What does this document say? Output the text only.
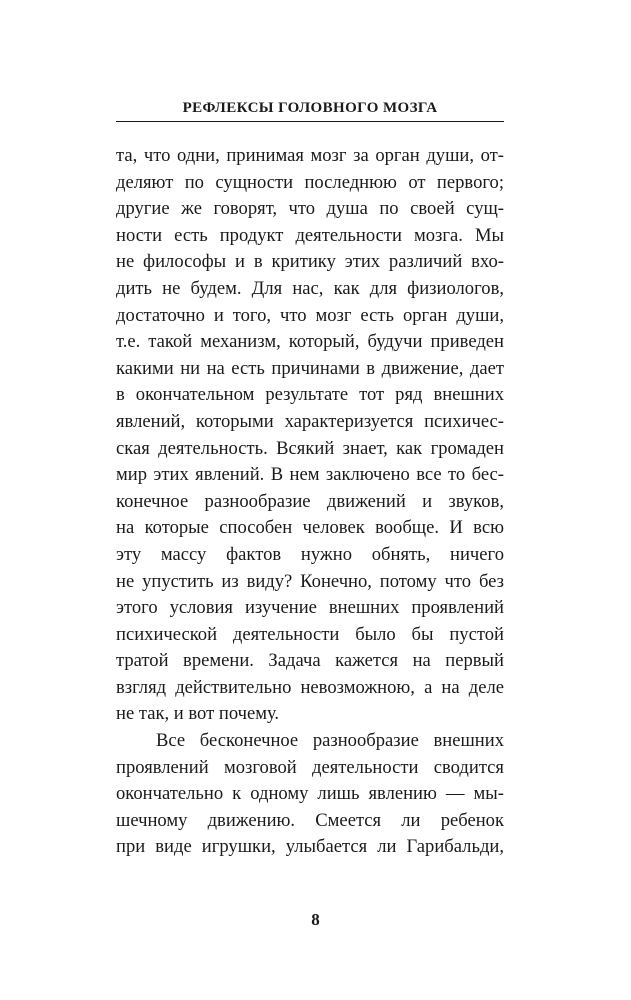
РЕФЛЕКСЫ ГОЛОВНОГО МОЗГА
та, что одни, принимая мозг за орган души, от-
деляют по сущности последнюю от первого;
другие же говорят, что душа по своей сущ-
ности есть продукт деятельности мозга. Мы
не философы и в критику этих различий вхо-
дить не будем. Для нас, как для физиологов,
достаточно и того, что мозг есть орган души,
т.е. такой механизм, который, будучи приведен
какими ни на есть причинами в движение, дает
в окончательном результате тот ряд внешних
явлений, которыми характеризуется психичес-
ская деятельность. Всякий знает, как громаден
мир этих явлений. В нем заключено все то бес-
конечное разнообразие движений и звуков,
на которые способен человек вообще. И всю
эту массу фактов нужно обнять, ничего
не упустить из виду? Конечно, потому что без
этого условия изучение внешних проявлений
психической деятельности было бы пустой
тратой времени. Задача кажется на первый
взгляд действительно невозможною, а на деле
не так, и вот почему.
Все бесконечное разнообразие внешних
проявлений мозговой деятельности сводится
окончательно к одному лишь явлению — мы-
шечному движению. Смеется ли ребенок
при виде игрушки, улыбается ли Гарибальди,
8
